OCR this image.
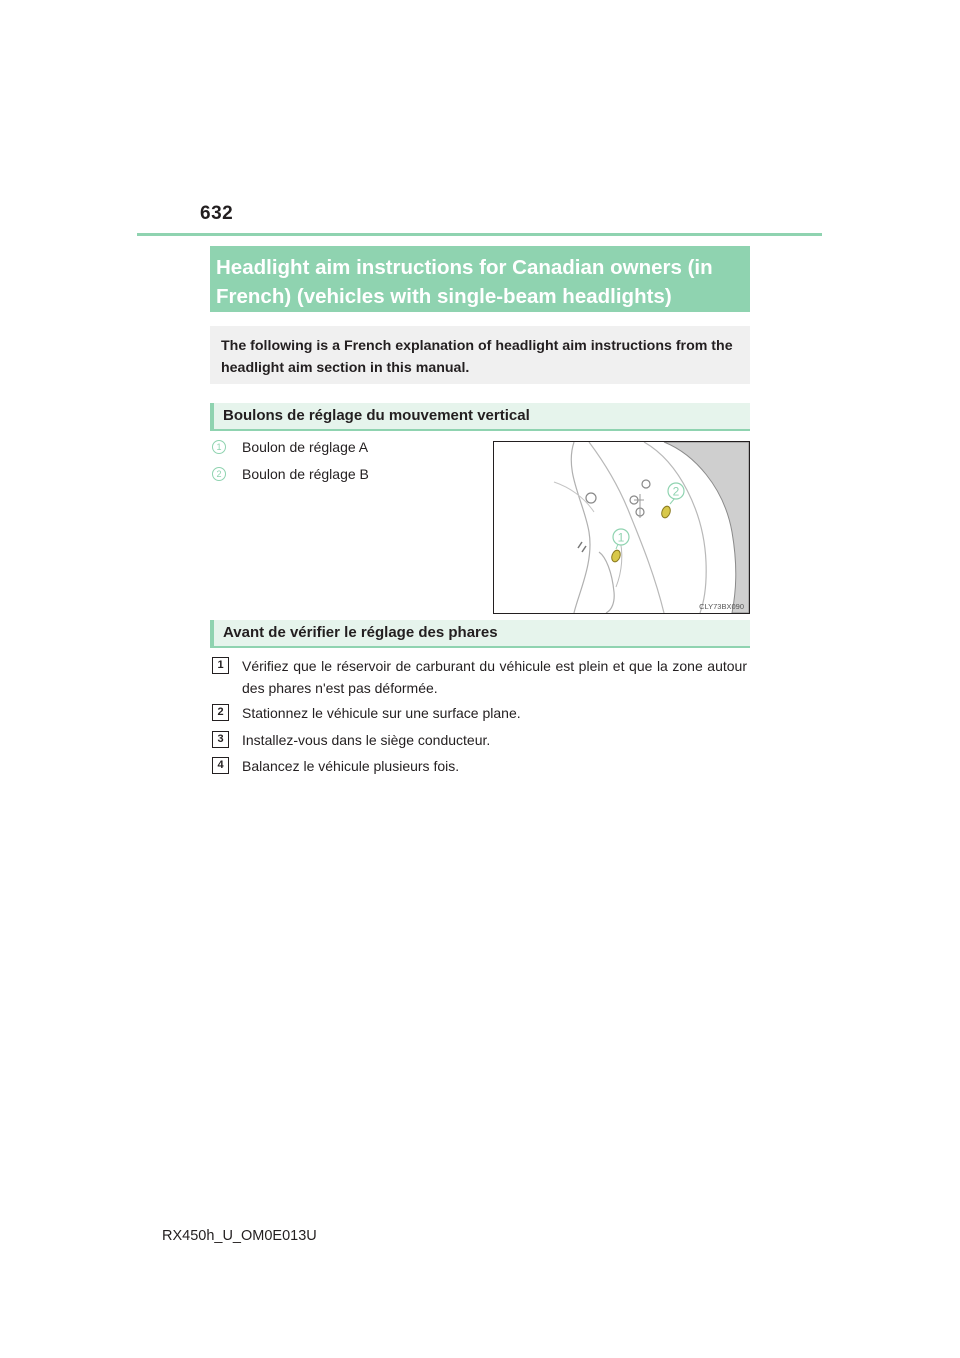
632
Headlight aim instructions for Canadian owners (in
French) (vehicles with single-beam headlights)
The following is a French explanation of headlight aim instructions from the
headlight aim section in this manual.
Boulons de réglage du mouvement vertical
1	Boulon de réglage A
2	Boulon de réglage B
2
1
CLY73BX090
Avant de vérifier le réglage des phares
1	Vérifiez que le réservoir de carburant du véhicule est plein et que la zone autour des phares n'est pas déformée.
2	Stationnez le véhicule sur une surface plane.
3	Installez-vous dans le siège conducteur.
4	Balancez le véhicule plusieurs fois.
RX450h_U_OM0E013U
